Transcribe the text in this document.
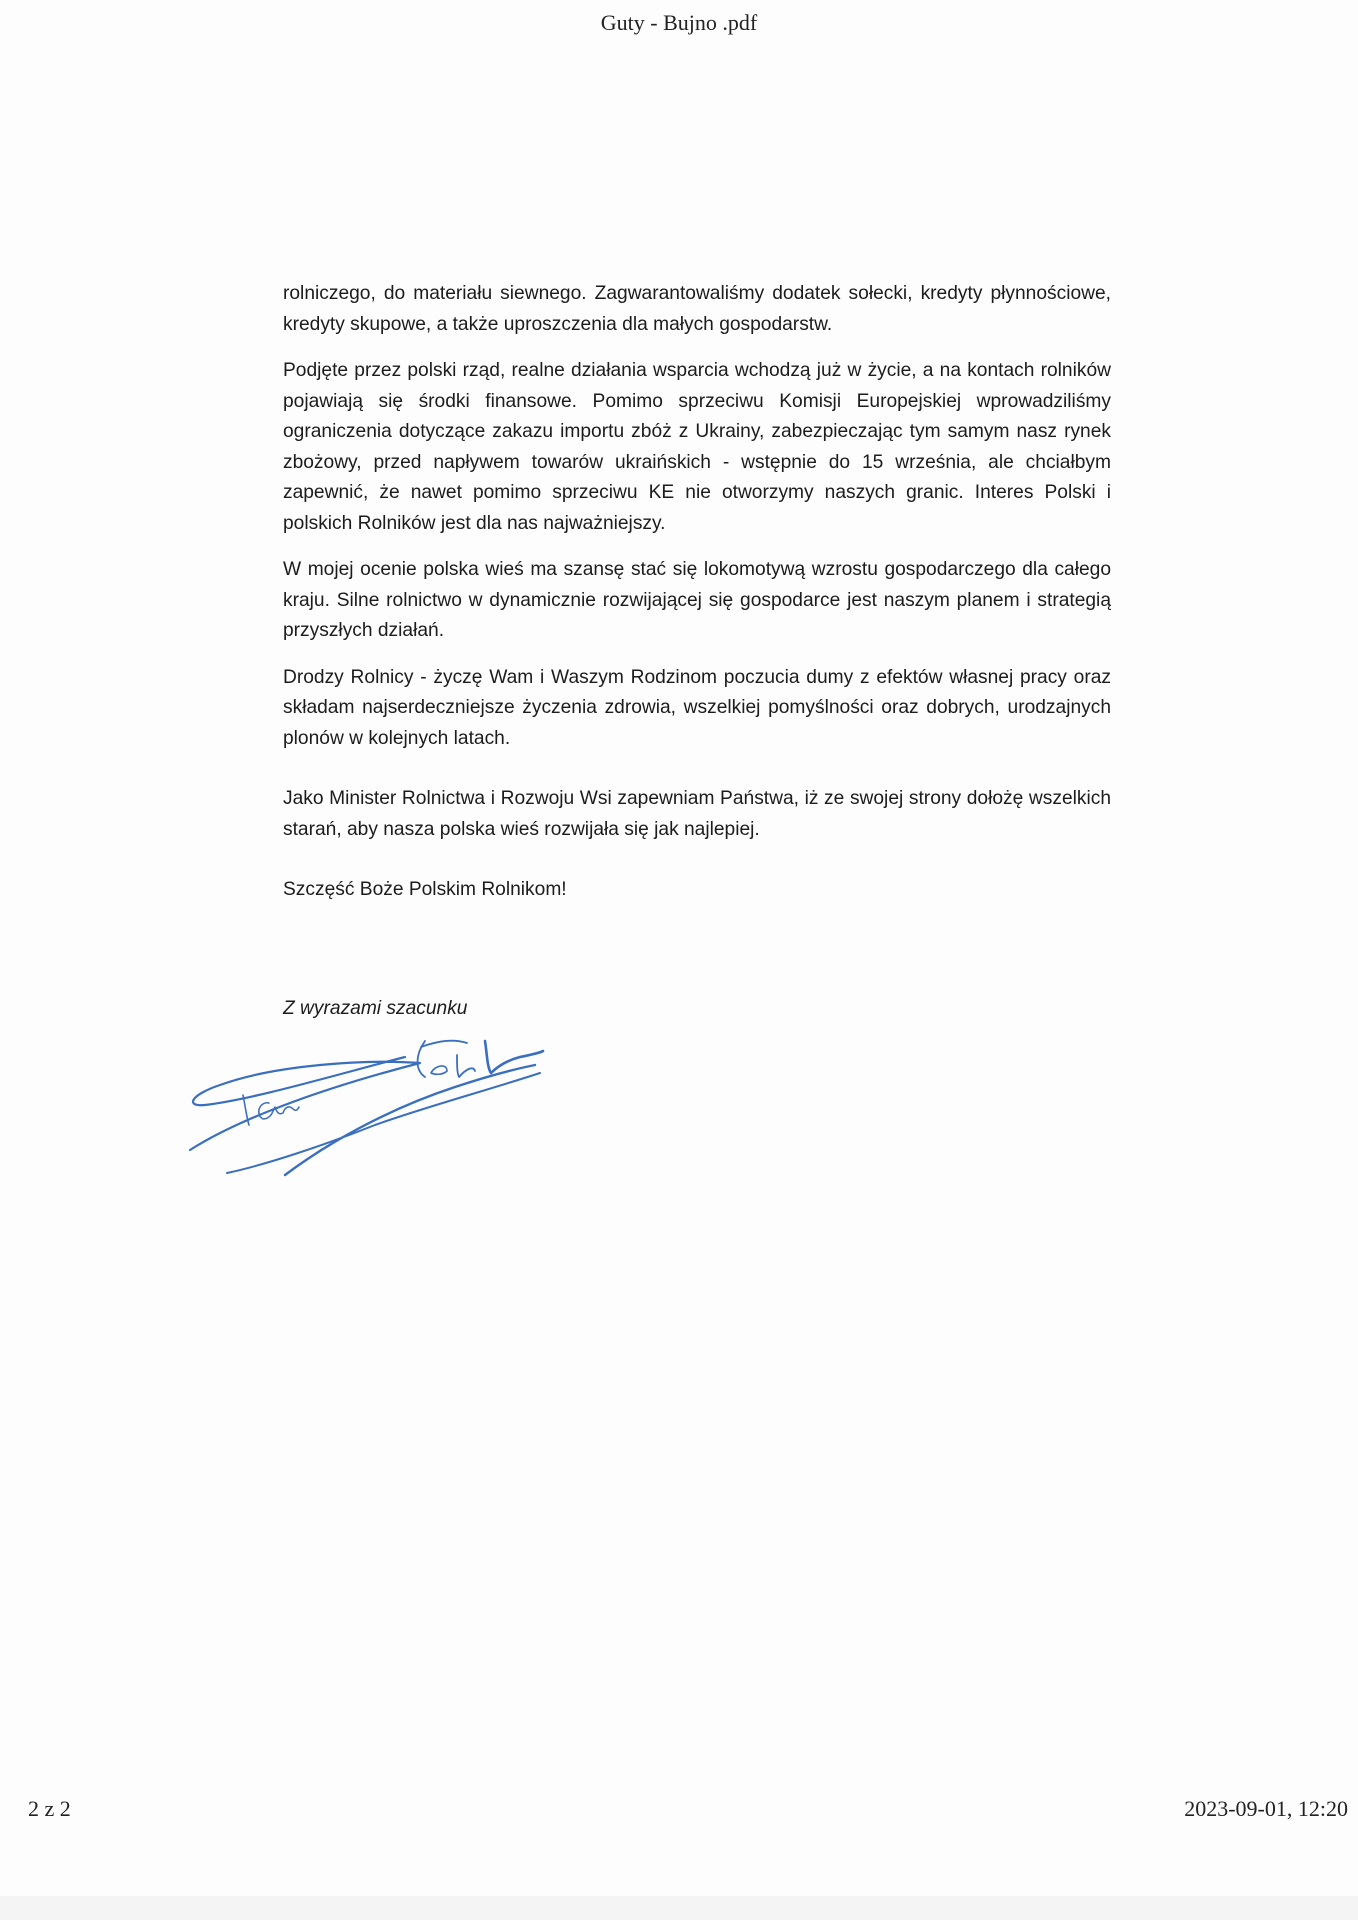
Guty - Bujno .pdf

rolniczego, do materiału siewnego. Zagwarantowaliśmy dodatek sołecki, kredyty płynnościowe, kredyty skupowe, a także uproszczenia dla małych gospodarstw.

Podjęte przez polski rząd, realne działania wsparcia wchodzą już w życie, a na kontach rolników pojawiają się środki finansowe. Pomimo sprzeciwu Komisji Europejskiej wprowadziliśmy ograniczenia dotyczące zakazu importu zbóż z Ukrainy, zabezpieczając tym samym nasz rynek zbożowy, przed napływem towarów ukraińskich - wstępnie do 15 września, ale chciałbym zapewnić, że nawet pomimo sprzeciwu KE nie otworzymy naszych granic. Interes Polski i polskich Rolników jest dla nas najważniejszy.

W mojej ocenie polska wieś ma szansę stać się lokomotywą wzrostu gospodarczego dla całego kraju. Silne rolnictwo w dynamicznie rozwijającej się gospodarce jest naszym planem i strategią przyszłych działań.

Drodzy Rolnicy - życzę Wam i Waszym Rodzinom poczucia dumy z efektów własnej pracy oraz składam najserdeczniejsze życzenia zdrowia, wszelkiej pomyślności oraz dobrych, urodzajnych plonów w kolejnych latach.

Jako Minister Rolnictwa i Rozwoju Wsi zapewniam Państwa, iż ze swojej strony dołożę wszelkich starań, aby nasza polska wieś rozwijała się jak najlepiej.

Szczęść Boże Polskim Rolnikom!

Z wyrazami szacunku
2 z 2	2023-09-01, 12:20
